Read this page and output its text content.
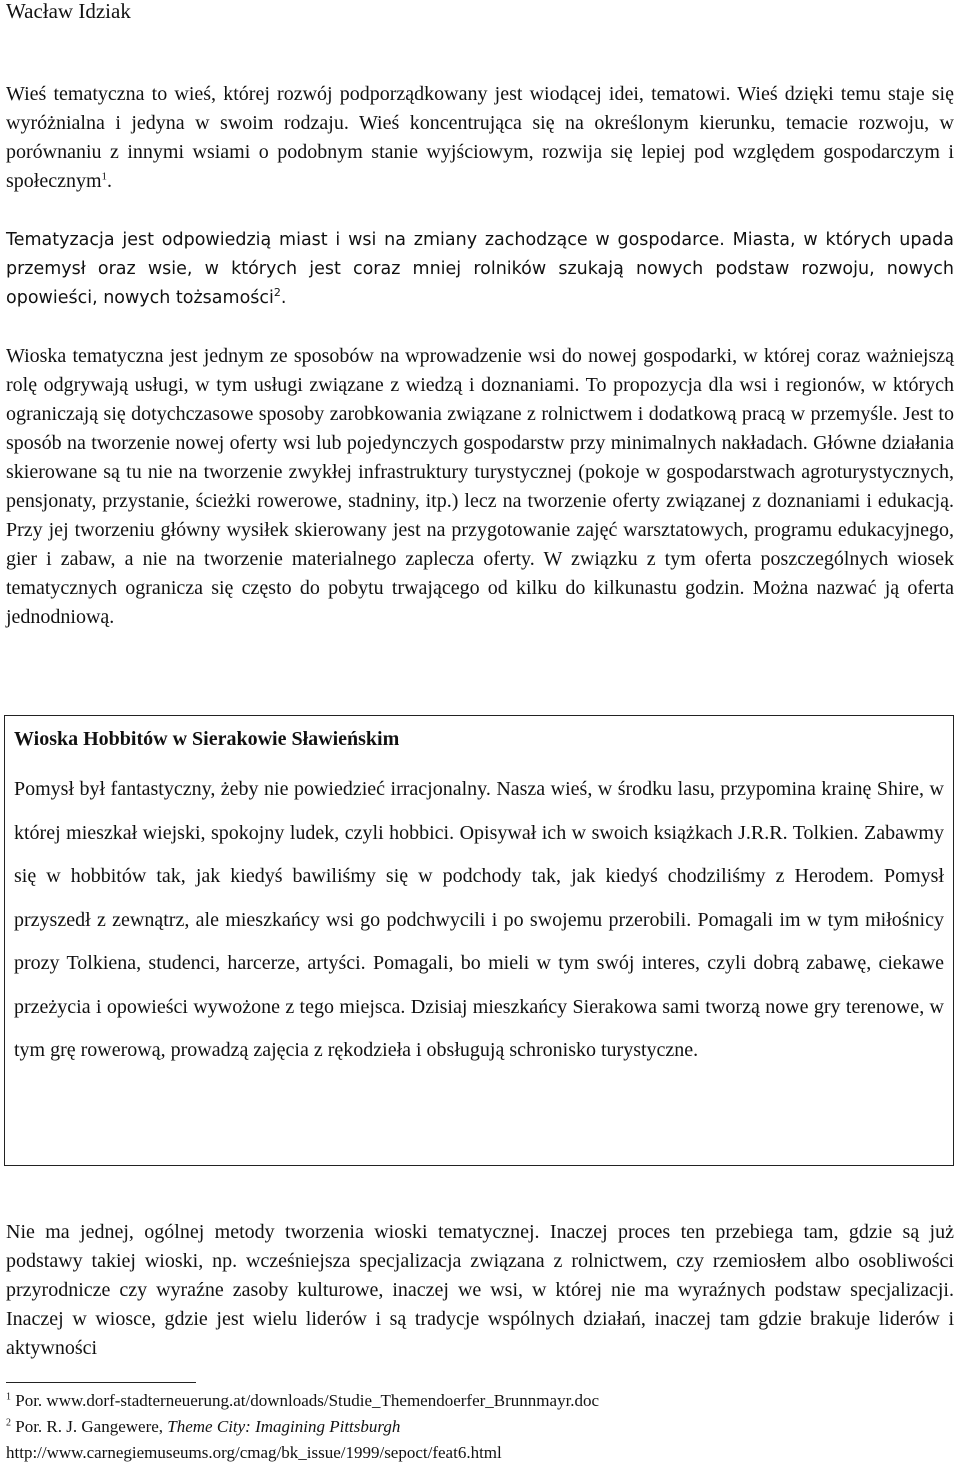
Wacław Idziak

Wieś tematyczna to wieś, której rozwój podporządkowany jest wiodącej idei, tematowi. Wieś dzięki temu staje się wyróżnialna i jedyna w swoim rodzaju. Wieś koncentrująca się na określonym kierunku, temacie rozwoju, w porównaniu z innymi wsiami o podobnym stanie wyjściowym, rozwija się lepiej pod względem gospodarczym i społecznym$^1$.

Tematyzacja jest odpowiedzią miast i wsi na zmiany zachodzące w gospodarce. Miasta, w których upada przemysł oraz wsie, w których jest coraz mniej rolników szukają nowych podstaw rozwoju, nowych opowieści, nowych tożsamości$^2$.

Wioska tematyczna jest jednym ze sposobów na wprowadzenie wsi do nowej gospodarki, w której coraz ważniejszą rolę odgrywają usługi, w tym usługi związane z wiedzą i doznaniami. To propozycja dla wsi i regionów, w których ograniczają się dotychczasowe sposoby zarobkowania związane z rolnictwem i dodatkową pracą w przemyśle. Jest to sposób na tworzenie nowej oferty wsi lub pojedynczych gospodarstw przy minimalnych nakładach. Główne działania skierowane są tu nie na tworzenie zwykłej infrastruktury turystycznej (pokoje w gospodarstwach agroturystycznych, pensjonaty, przystanie, ścieżki rowerowe, stadniny, itp.) lecz na tworzenie oferty związanej z doznaniami i edukacją. Przy jej tworzeniu główny wysiłek skierowany jest na przygotowanie zajęć warsztatowych, programu edukacyjnego, gier i zabaw, a nie na tworzenie materialnego zaplecza oferty. W związku z tym oferta poszczególnych wiosek tematycznych ogranicza się często do pobytu trwającego od kilku do kilkunastu godzin. Można nazwać ją oferta jednodniową.

Wioska Hobbitów w Sierakowie Sławieńskim

Pomysł był fantastyczny, żeby nie powiedzieć irracjonalny. Nasza wieś, w środku lasu, przypomina krainę Shire, w której mieszkał wiejski, spokojny ludek, czyli hobbici. Opisywał ich w swoich książkach J.R.R. Tolkien. Zabawmy się w hobbitów tak, jak kiedyś bawiliśmy się w podchody tak, jak kiedyś chodziliśmy z Herodem. Pomysł przyszedł z zewnątrz, ale mieszkańcy wsi go podchwycili i po swojemu przerobili. Pomagali im w tym miłośnicy prozy Tolkiena, studenci, harcerze, artyści. Pomagali, bo mieli w tym swój interes, czyli dobrą zabawę, ciekawe przeżycia i opowieści wywożone z tego miejsca. Dzisiaj mieszkańcy Sierakowa sami tworzą nowe gry terenowe, w tym grę rowerową, prowadzą zajęcia z rękodzieła i obsługują schronisko turystyczne.

Nie ma jednej, ogólnej metody tworzenia wioski tematycznej. Inaczej proces ten przebiega tam, gdzie są już podstawy takiej wioski, np. wcześniejsza specjalizacja związana z rolnictwem, czy rzemiosłem albo osobliwości przyrodnicze czy wyraźne zasoby kulturowe, inaczej we wsi, w której nie ma wyraźnych podstaw specjalizacji. Inaczej w wiosce, gdzie jest wielu liderów i są tradycje wspólnych działań, inaczej tam gdzie brakuje liderów i aktywności

$^1$ Por. www.dorf-stadterneuerung.at/downloads/Studie_Themendoerfer_Brunnmayr.doc
$^2$ Por. R. J. Gangewere, Theme City: Imagining Pittsburgh
http://www.carnegiemuseums.org/cmag/bk_issue/1999/sepoct/feat6.html
